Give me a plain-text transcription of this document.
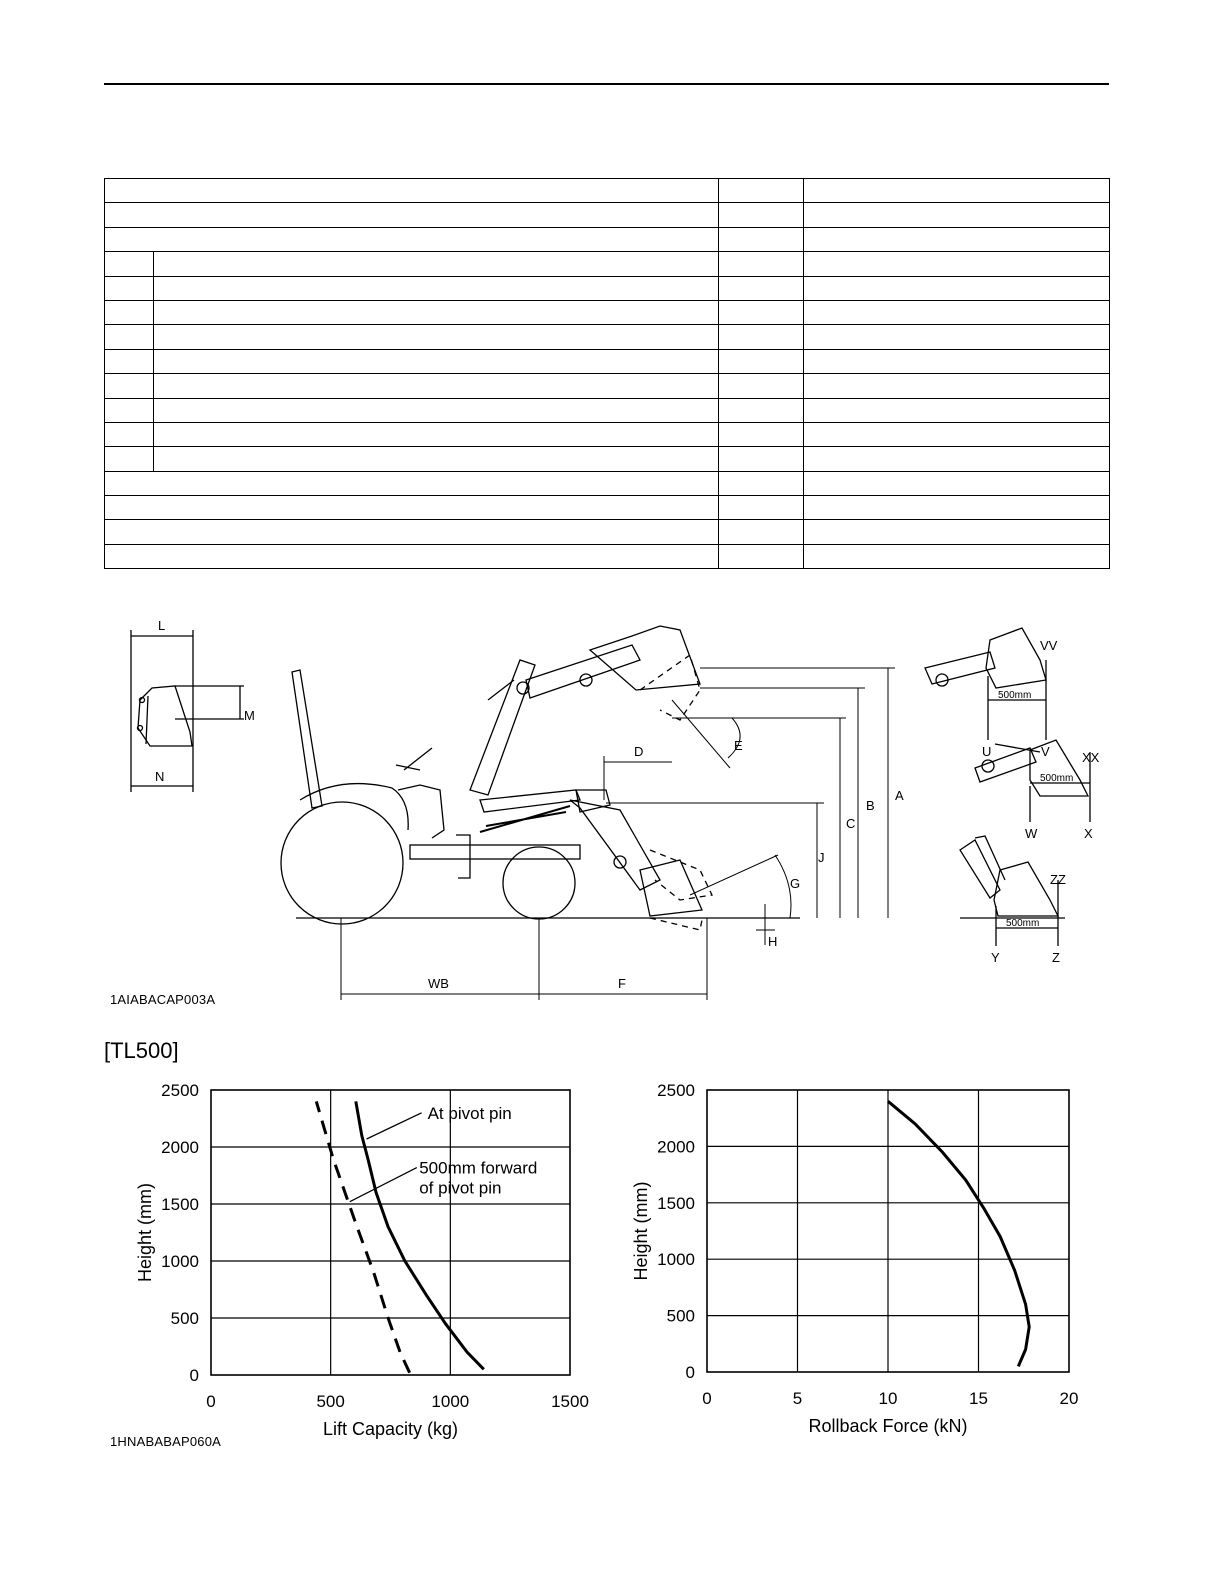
L
M
N
A
B
C
D	E
F
G
H
J
WB
VV
U	V XX
W	X
ZZ
Y	Z
500mm
500mm
500mm
1AIABACAP003A
[TL500]
0	500	1000	1500
0
500
1000
1500
2000
2500
Lift Capacity (kg)
Height (mm)
At pivot pin
500mm forward
of pivot pin
0	5	10	15	20
0
500
1000
1500
2000
2500
Rollback Force (kN)
Height (mm)
1HNABABAP060A
